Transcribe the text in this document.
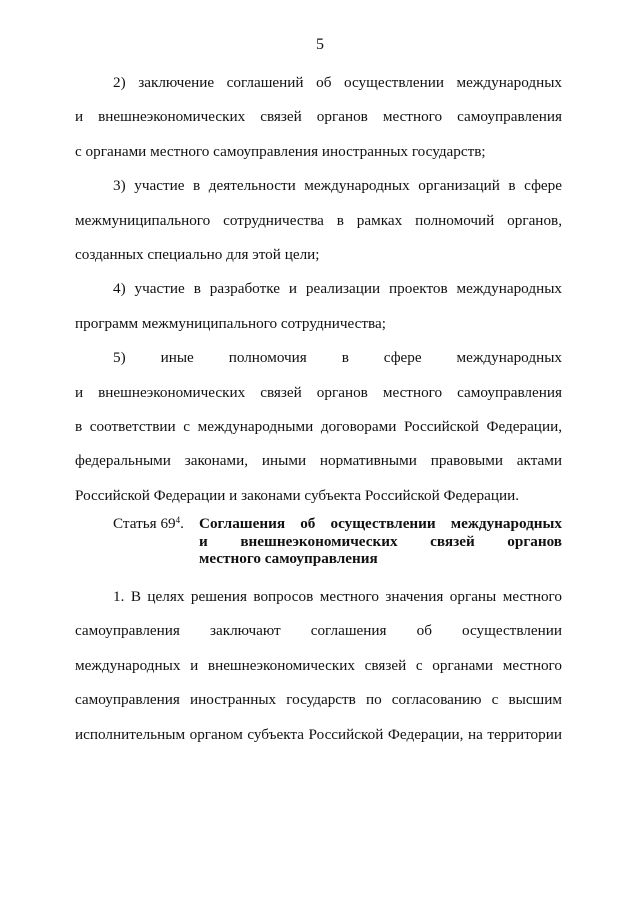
5
2) заключение соглашений об осуществлении международных
и внешнеэкономических связей органов местного самоуправления
с органами местного самоуправления иностранных государств;
3) участие в деятельности международных организаций в сфере
межмуниципального сотрудничества в рамках полномочий органов,
созданных специально для этой цели;
4) участие в разработке и реализации проектов международных
программ межмуниципального сотрудничества;
5) иные полномочия в сфере международных
и внешнеэкономических связей органов местного самоуправления
в соответствии с международными договорами Российской Федерации,
федеральными законами, иными нормативными правовыми актами
Российской Федерации и законами субъекта Российской Федерации.
Статья $69^4$. Соглашения об осуществлении международных
и внешнеэкономических связей органов
местного самоуправления
1. В целях решения вопросов местного значения органы местного
самоуправления заключают соглашения об осуществлении
международных и внешнеэкономических связей с органами местного
самоуправления иностранных государств по согласованию с высшим
исполнительным органом субъекта Российской Федерации, на территории
